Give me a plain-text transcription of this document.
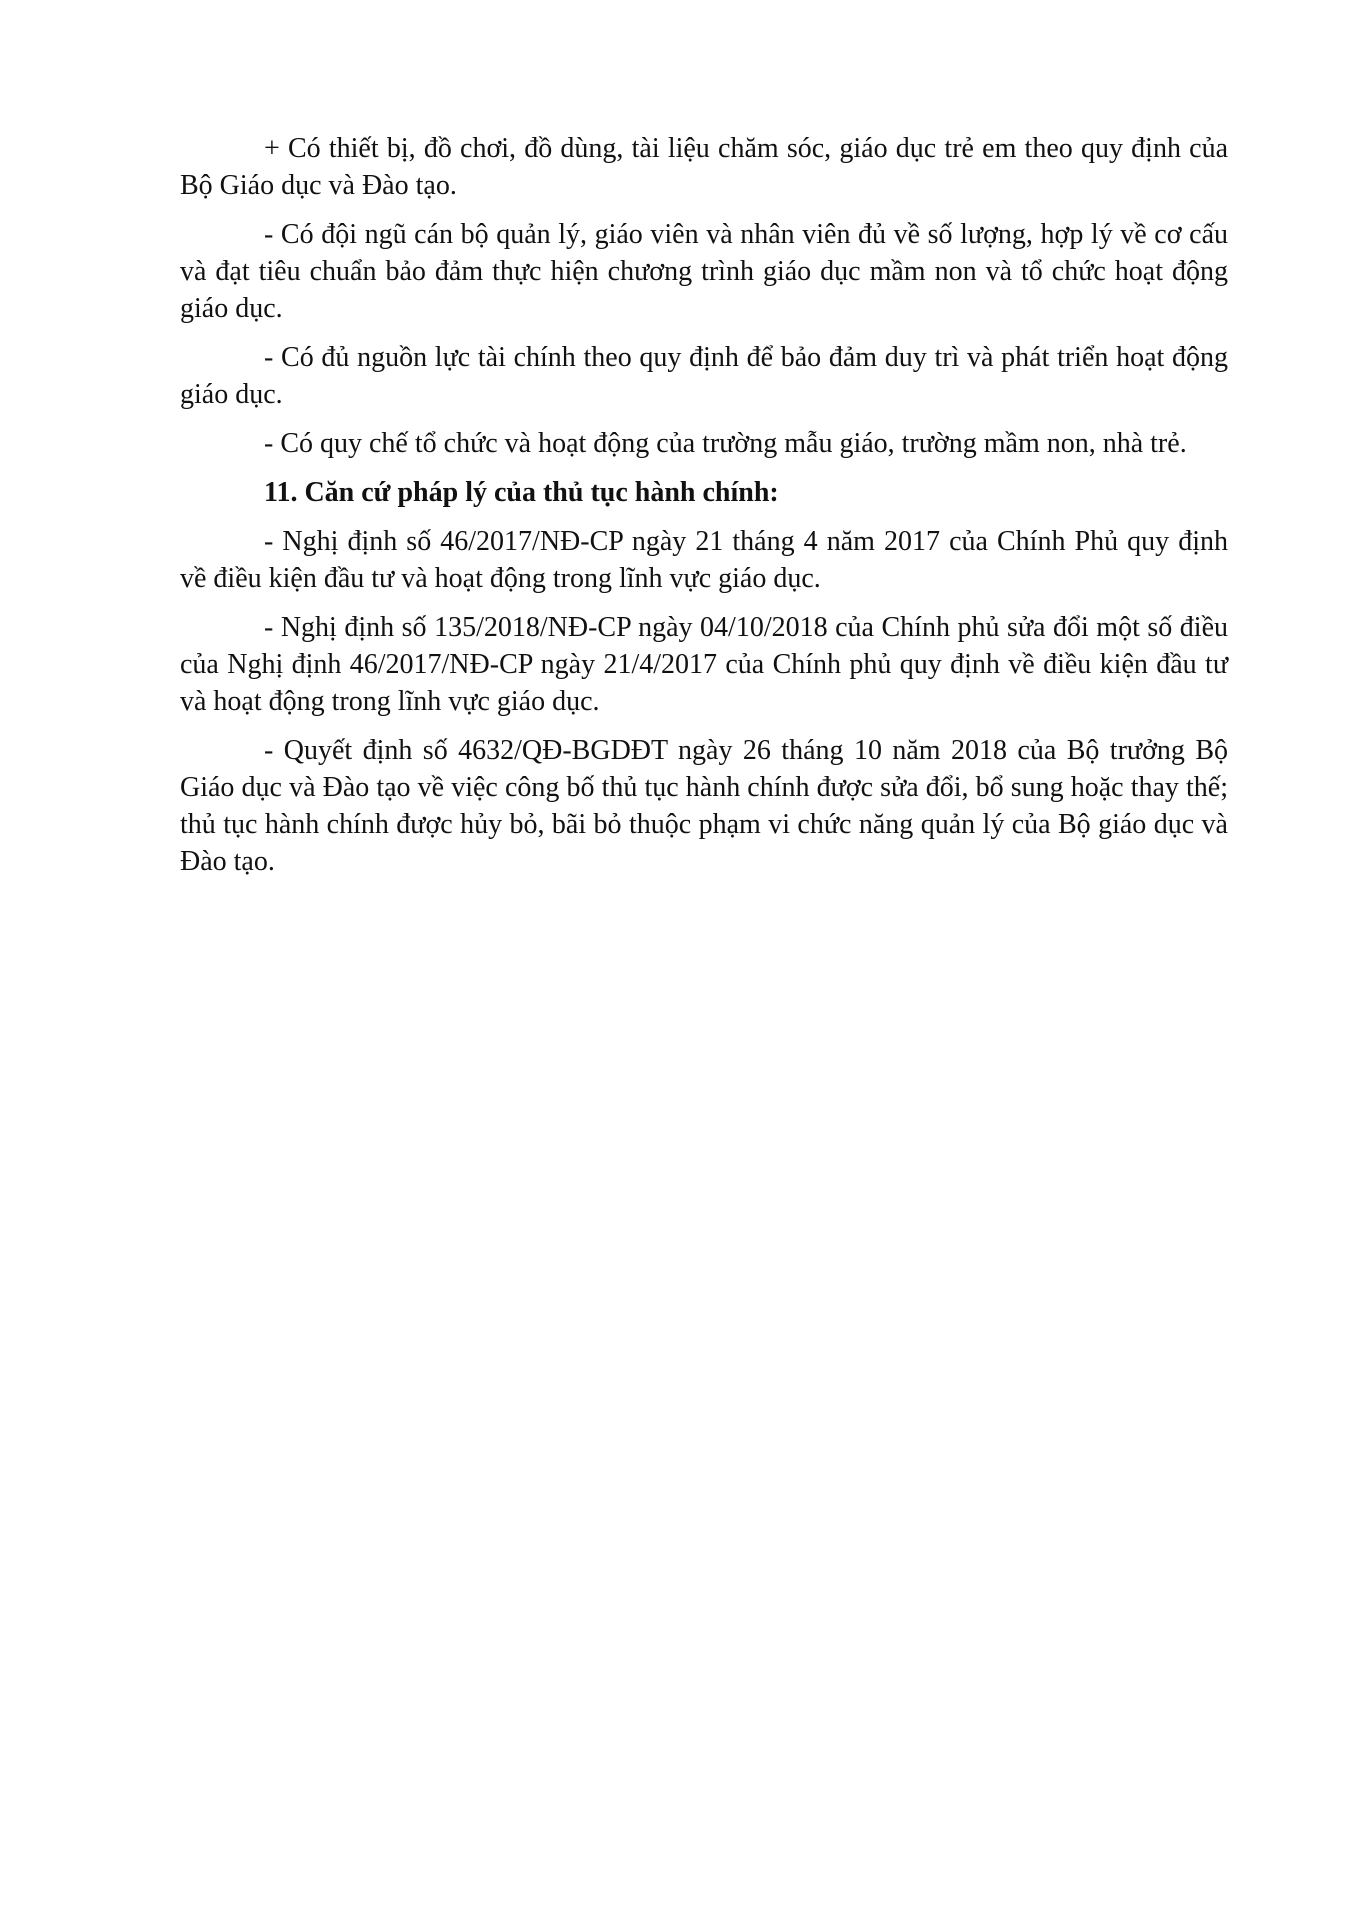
+ Có thiết bị, đồ chơi, đồ dùng, tài liệu chăm sóc, giáo dục trẻ em theo quy định của Bộ Giáo dục và Đào tạo.

- Có đội ngũ cán bộ quản lý, giáo viên và nhân viên đủ về số lượng, hợp lý về cơ cấu và đạt tiêu chuẩn bảo đảm thực hiện chương trình giáo dục mầm non và tổ chức hoạt động giáo dục.

- Có đủ nguồn lực tài chính theo quy định để bảo đảm duy trì và phát triển hoạt động giáo dục.

- Có quy chế tổ chức và hoạt động của trường mẫu giáo, trường mầm non, nhà trẻ.

11. Căn cứ pháp lý của thủ tục hành chính:

- Nghị định số 46/2017/NĐ-CP ngày 21 tháng 4 năm 2017 của Chính Phủ quy định về điều kiện đầu tư và hoạt động trong lĩnh vực giáo dục.

- Nghị định số 135/2018/NĐ-CP ngày 04/10/2018 của Chính phủ sửa đổi một số điều của Nghị định 46/2017/NĐ-CP ngày 21/4/2017 của Chính phủ quy định về điều kiện đầu tư và hoạt động trong lĩnh vực giáo dục.

- Quyết định số 4632/QĐ-BGDĐT ngày 26 tháng 10 năm 2018 của Bộ trưởng Bộ Giáo dục và Đào tạo về việc công bố thủ tục hành chính được sửa đổi, bổ sung hoặc thay thế; thủ tục hành chính được hủy bỏ, bãi bỏ thuộc phạm vi chức năng quản lý của Bộ giáo dục và Đào tạo.
